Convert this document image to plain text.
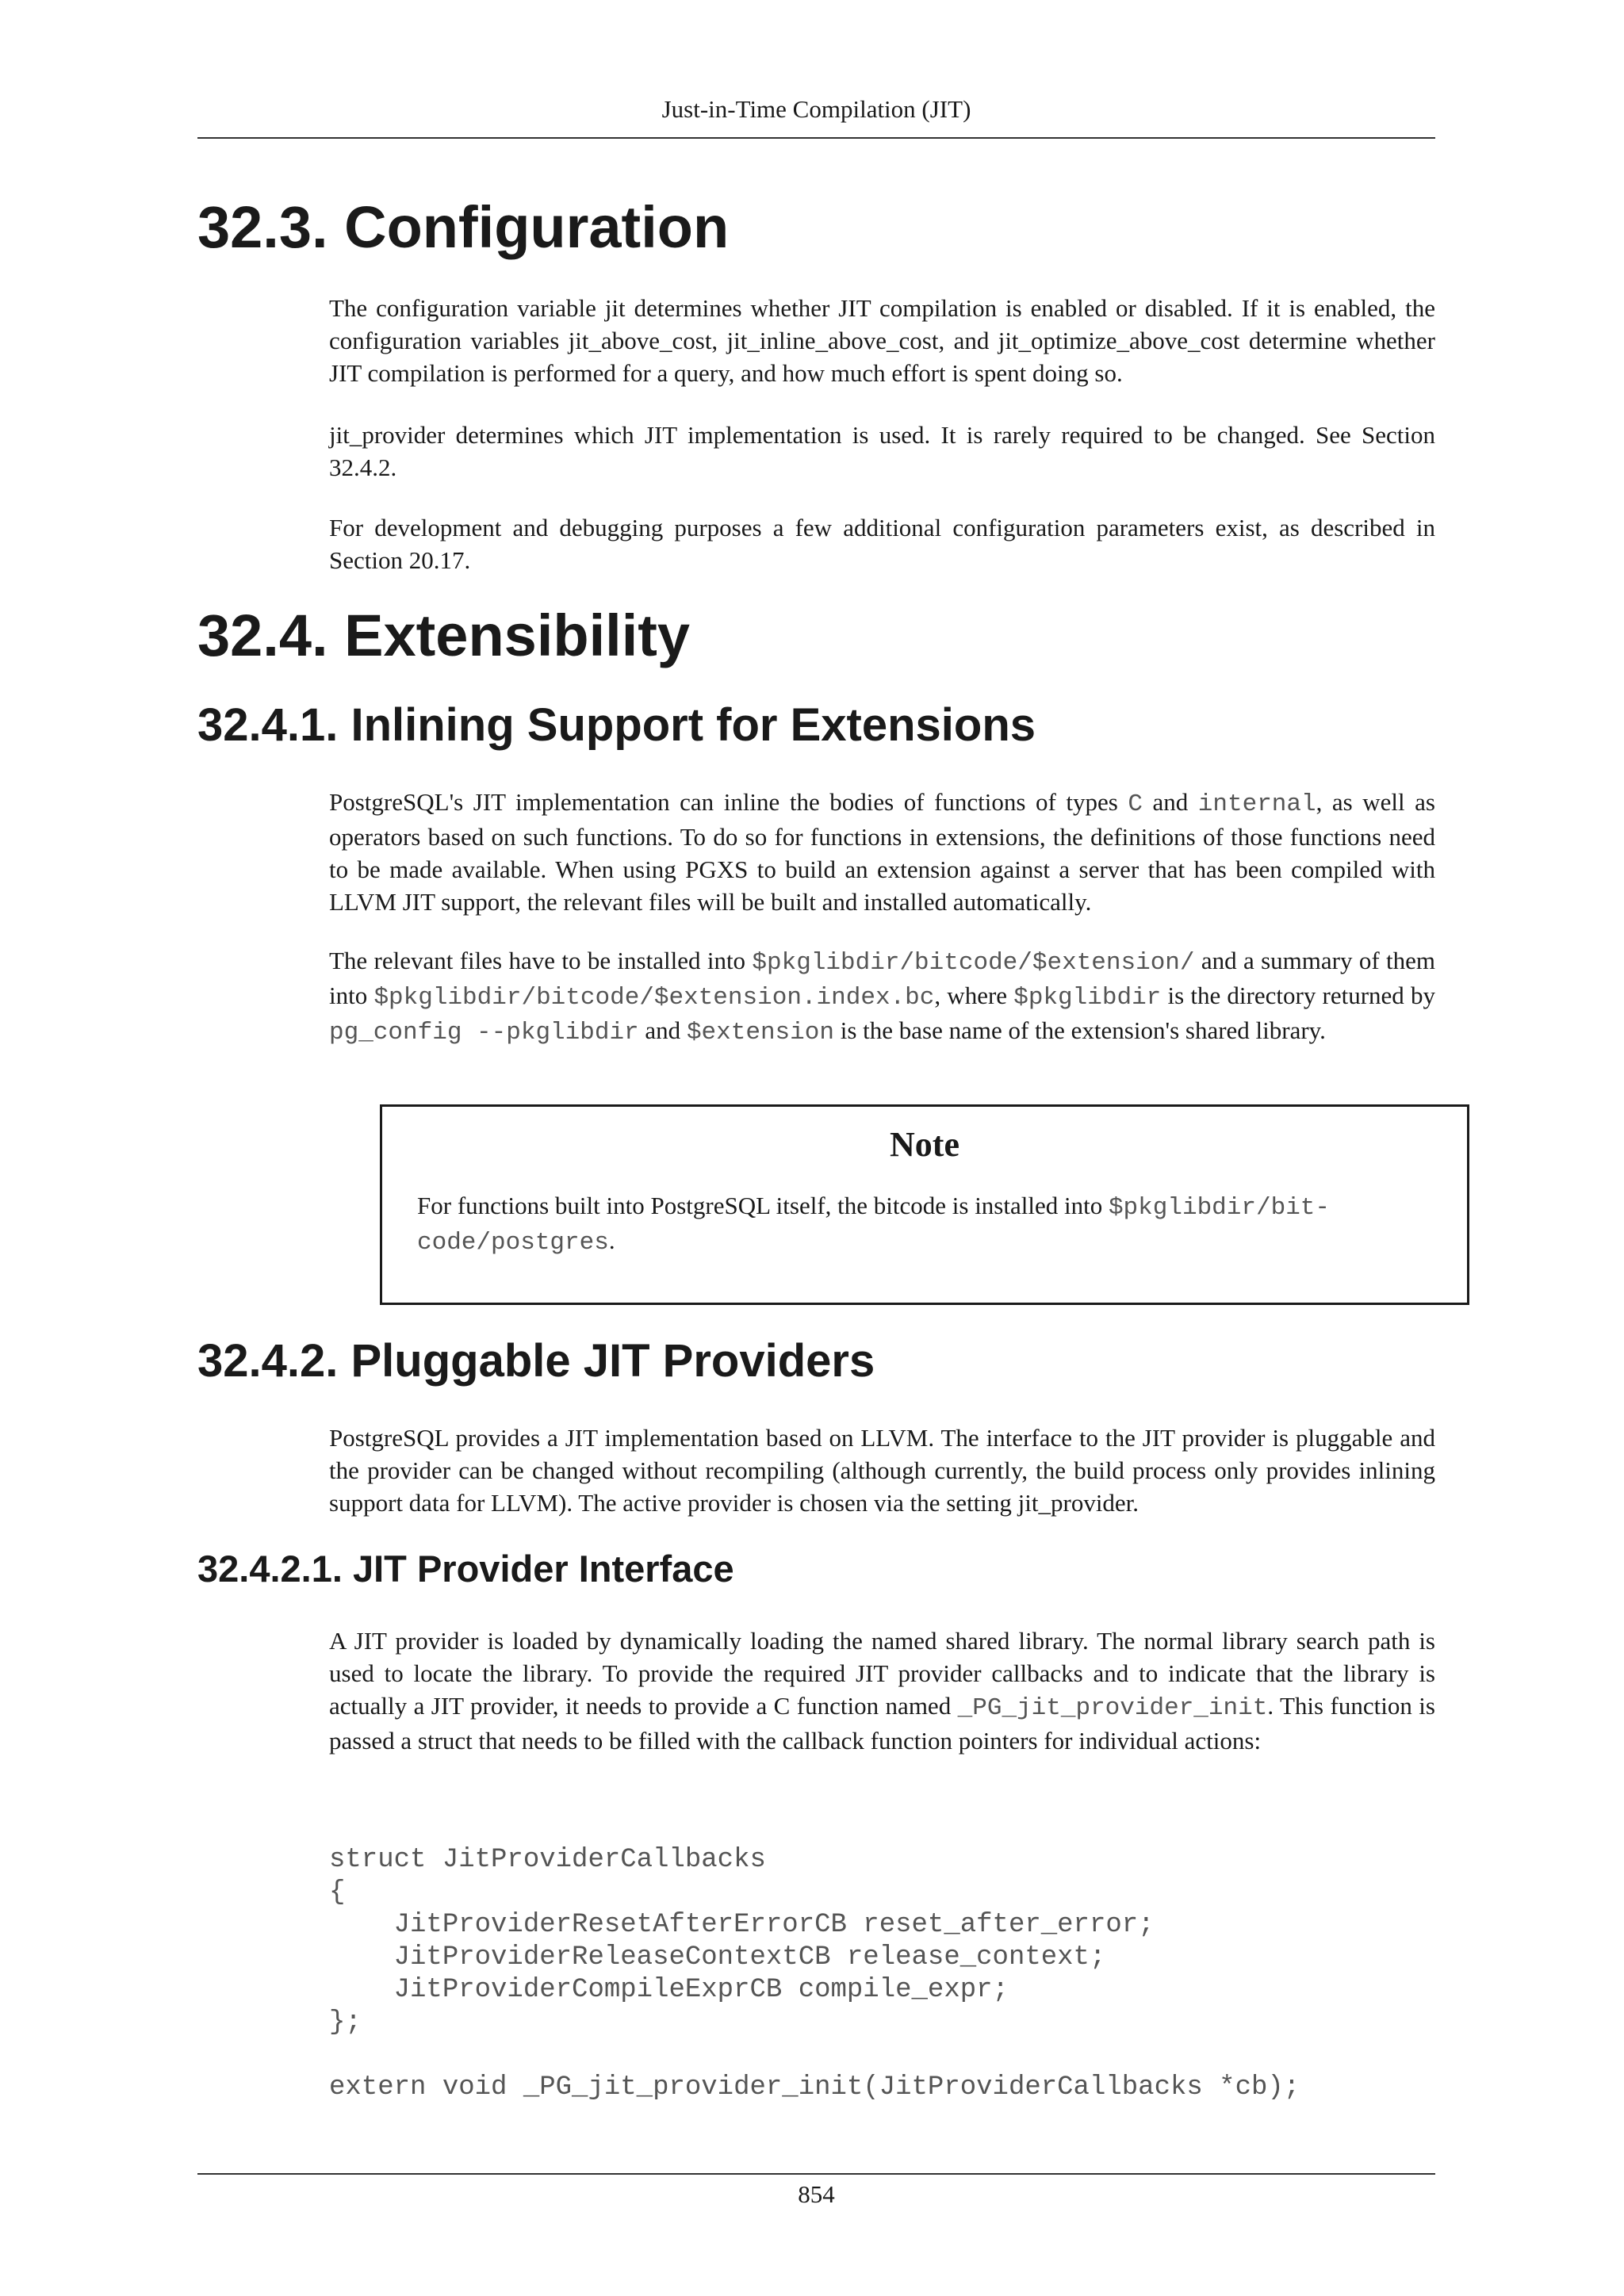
Just-in-Time Compilation (JIT)
32.3. Configuration

The configuration variable jit determines whether JIT compilation is enabled or disabled. If it is enabled, the configuration variables jit_above_cost, jit_inline_above_cost, and jit_optimize_above_cost determine whether JIT compilation is performed for a query, and how much effort is spent doing so.

jit_provider determines which JIT implementation is used. It is rarely required to be changed. See Section 32.4.2.

For development and debugging purposes a few additional configuration parameters exist, as described in Section 20.17.

32.4. Extensibility
32.4.1. Inlining Support for Extensions

PostgreSQL's JIT implementation can inline the bodies of functions of types C and internal, as well as operators based on such functions. To do so for functions in extensions, the definitions of those functions need to be made available. When using PGXS to build an extension against a server that has been compiled with LLVM JIT support, the relevant files will be built and installed automatically.

The relevant files have to be installed into $pkglibdir/bitcode/$extension/ and a summary of them into $pkglibdir/bitcode/$extension.index.bc, where $pkglibdir is the directory returned by pg_config --pkglibdir and $extension is the base name of the extension's shared library.

Note

For functions built into PostgreSQL itself, the bitcode is installed into $pkglibdir/bit-
code/postgres.

32.4.2. Pluggable JIT Providers

PostgreSQL provides a JIT implementation based on LLVM. The interface to the JIT provider is pluggable and the provider can be changed without recompiling (although currently, the build process only provides inlining support data for LLVM). The active provider is chosen via the setting jit_provider.

32.4.2.1. JIT Provider Interface

A JIT provider is loaded by dynamically loading the named shared library. The normal library search path is used to locate the library. To provide the required JIT provider callbacks and to indicate that the library is actually a JIT provider, it needs to provide a C function named _PG_jit_provider_init. This function is passed a struct that needs to be filled with the callback function pointers for individual actions:

struct JitProviderCallbacks
{
JitProviderResetAfterErrorCB reset_after_error;
JitProviderReleaseContextCB release_context;
JitProviderCompileExprCB compile_expr;
};
extern void _PG_jit_provider_init(JitProviderCallbacks *cb);
854
